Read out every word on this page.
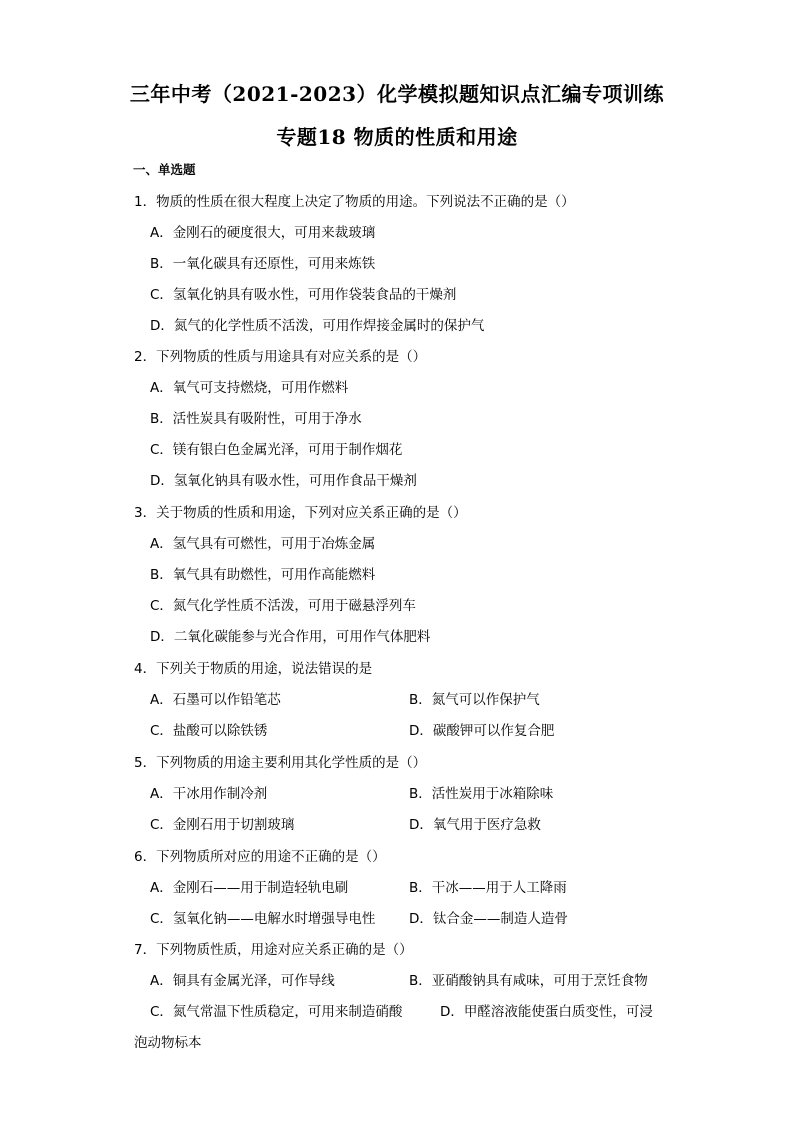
三年中考（2021-2023）化学模拟题知识点汇编专项训练
专题18 物质的性质和用途
一、单选题
1．物质的性质在很大程度上决定了物质的用途。下列说法不正确的是（）
A．金刚石的硬度很大，可用来裁玻璃
B．一氧化碳具有还原性，可用来炼铁
C．氢氧化钠具有吸水性，可用作袋装食品的干燥剂
D．氮气的化学性质不活泼，可用作焊接金属时的保护气
2．下列物质的性质与用途具有对应关系的是（）
A．氧气可支持燃烧，可用作燃料
B．活性炭具有吸附性，可用于净水
C．镁有银白色金属光泽，可用于制作烟花
D．氢氧化钠具有吸水性，可用作食品干燥剂
3．关于物质的性质和用途，下列对应关系正确的是（）
A．氢气具有可燃性，可用于冶炼金属
B．氧气具有助燃性，可用作高能燃料
C．氮气化学性质不活泼，可用于磁悬浮列车
D．二氧化碳能参与光合作用，可用作气体肥料
4．下列关于物质的用途，说法错误的是
A．石墨可以作铅笔芯	B．氮气可以作保护气
C．盐酸可以除铁锈	D．碳酸钾可以作复合肥
5．下列物质的用途主要利用其化学性质的是（）
A．干冰用作制冷剂	B．活性炭用于冰箱除味
C．金刚石用于切割玻璃	D．氧气用于医疗急救
6．下列物质所对应的用途不正确的是（）
A．金刚石——用于制造轻轨电刷	B．干冰——用于人工降雨
C．氢氧化钠——电解水时增强导电性 D．钛合金——制造人造骨
7．下列物质性质，用途对应关系正确的是（）
A．铜具有金属光泽，可作导线	B．亚硝酸钠具有咸味，可用于烹饪食物
C．氮气常温下性质稳定，可用来制造硝酸	D．甲醛溶液能使蛋白质变性，可浸
泡动物标本
